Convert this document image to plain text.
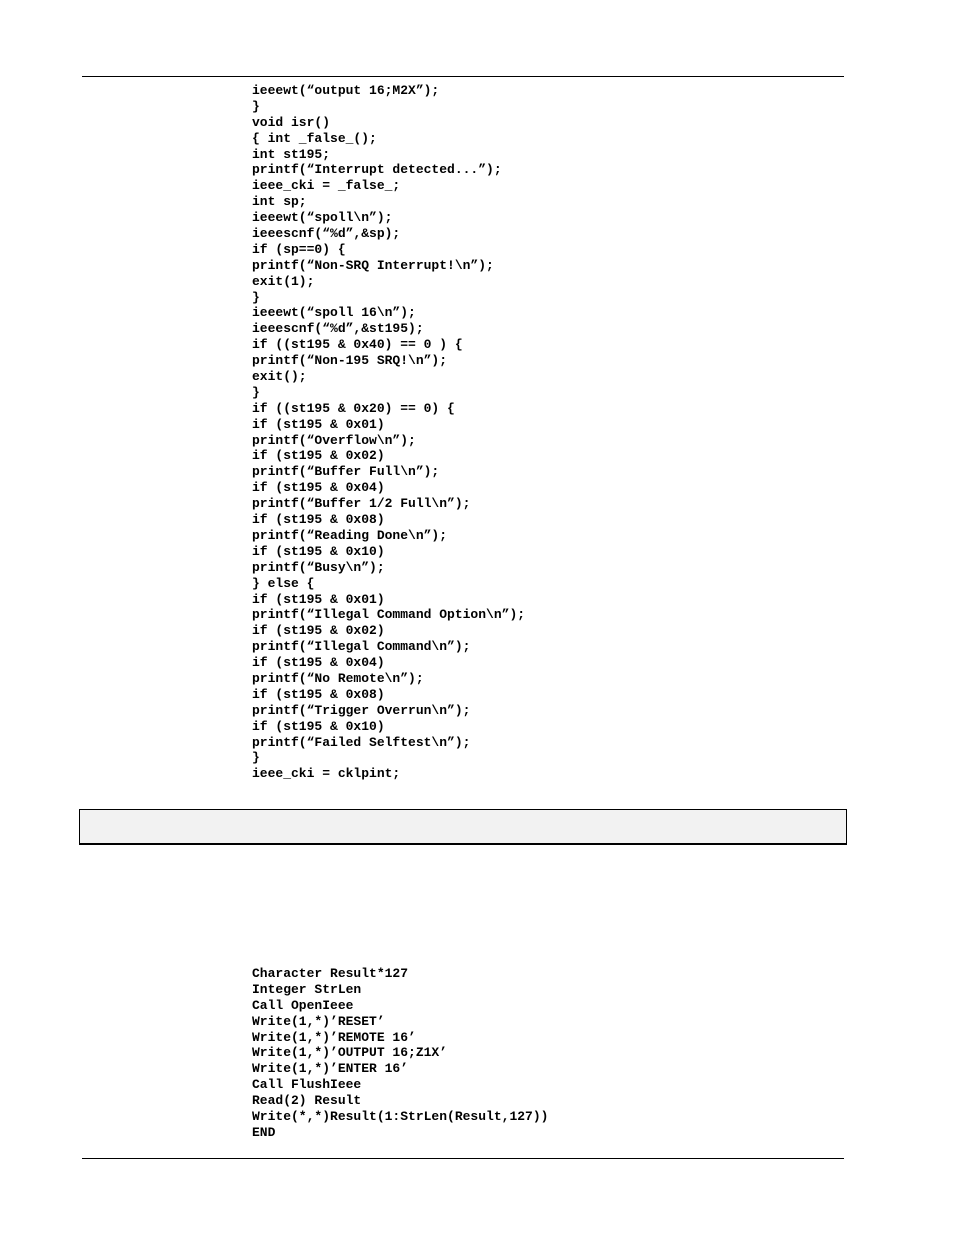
ieeewt(“output 16;M2X”);
}
void isr()
{ int _false_();
int st195;
printf(“Interrupt detected...”);
ieee_cki = _false_;
int sp;
ieeewt(“spoll\n”);
ieeescnf(“%d”,&sp);
if (sp==0) {
printf(“Non-SRQ Interrupt!\n”);
exit(1);
}
ieeewt(“spoll 16\n”);
ieeescnf(“%d”,&st195);
if ((st195 & 0x40) == 0 ) {
printf(“Non-195 SRQ!\n”);
exit();
}
if ((st195 & 0x20) == 0) {
if (st195 & 0x01)
printf(“Overflow\n”);
if (st195 & 0x02)
printf(“Buffer Full\n”);
if (st195 & 0x04)
printf(“Buffer 1/2 Full\n”);
if (st195 & 0x08)
printf(“Reading Done\n”);
if (st195 & 0x10)
printf(“Busy\n”);
} else {
if (st195 & 0x01)
printf(“Illegal Command Option\n”);
if (st195 & 0x02)
printf(“Illegal Command\n”);
if (st195 & 0x04)
printf(“No Remote\n”);
if (st195 & 0x08)
printf(“Trigger Overrun\n”);
if (st195 & 0x10)
printf(“Failed Selftest\n”);
}
ieee_cki = cklpint;
Character Result*127
Integer StrLen
Call OpenIeee
Write(1,*)’RESET’
Write(1,*)’REMOTE 16’
Write(1,*)’OUTPUT 16;Z1X’
Write(1,*)’ENTER 16’
Call FlushIeee
Read(2) Result
Write(*,*)Result(1:StrLen(Result,127))
END
